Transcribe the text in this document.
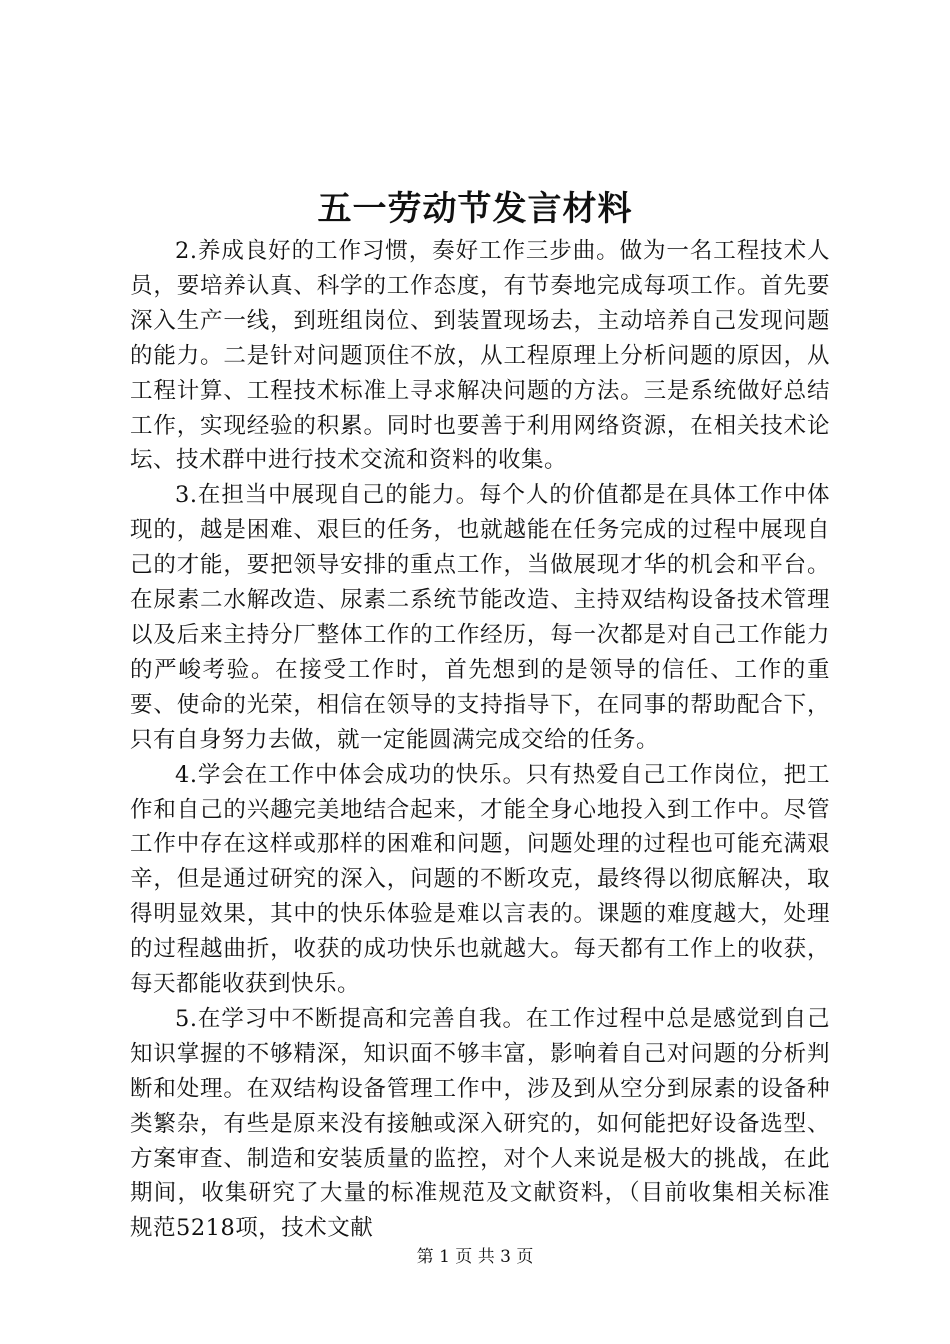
五一劳动节发言材料

2.养成良好的工作习惯，奏好工作三步曲。做为一名工程技术人员，要培养认真、科学的工作态度，有节奏地完成每项工作。首先要深入生产一线，到班组岗位、到装置现场去，主动培养自己发现问题的能力。二是针对问题顶住不放，从工程原理上分析问题的原因，从工程计算、工程技术标准上寻求解决问题的方法。三是系统做好总结工作，实现经验的积累。同时也要善于利用网络资源，在相关技术论坛、技术群中进行技术交流和资料的收集。

3.在担当中展现自己的能力。每个人的价值都是在具体工作中体现的，越是困难、艰巨的任务，也就越能在任务完成的过程中展现自己的才能，要把领导安排的重点工作，当做展现才华的机会和平台。在尿素二水解改造、尿素二系统节能改造、主持双结构设备技术管理以及后来主持分厂整体工作的工作经历，每一次都是对自己工作能力的严峻考验。在接受工作时，首先想到的是领导的信任、工作的重要、使命的光荣，相信在领导的支持指导下，在同事的帮助配合下，只有自身努力去做，就一定能圆满完成交给的任务。

4.学会在工作中体会成功的快乐。只有热爱自己工作岗位，把工作和自己的兴趣完美地结合起来，才能全身心地投入到工作中。尽管工作中存在这样或那样的困难和问题，问题处理的过程也可能充满艰辛，但是通过研究的深入，问题的不断攻克，最终得以彻底解决，取得明显效果，其中的快乐体验是难以言表的。课题的难度越大，处理的过程越曲折，收获的成功快乐也就越大。每天都有工作上的收获，每天都能收获到快乐。

5.在学习中不断提高和完善自我。在工作过程中总是感觉到自己知识掌握的不够精深，知识面不够丰富，影响着自己对问题的分析判断和处理。在双结构设备管理工作中，涉及到从空分到尿素的设备种类繁杂，有些是原来没有接触或深入研究的，如何能把好设备选型、方案审查、制造和安装质量的监控，对个人来说是极大的挑战，在此期间，收集研究了大量的标准规范及文献资料，（目前收集相关标准规范5218项，技术文献

第 1 页 共 3 页
